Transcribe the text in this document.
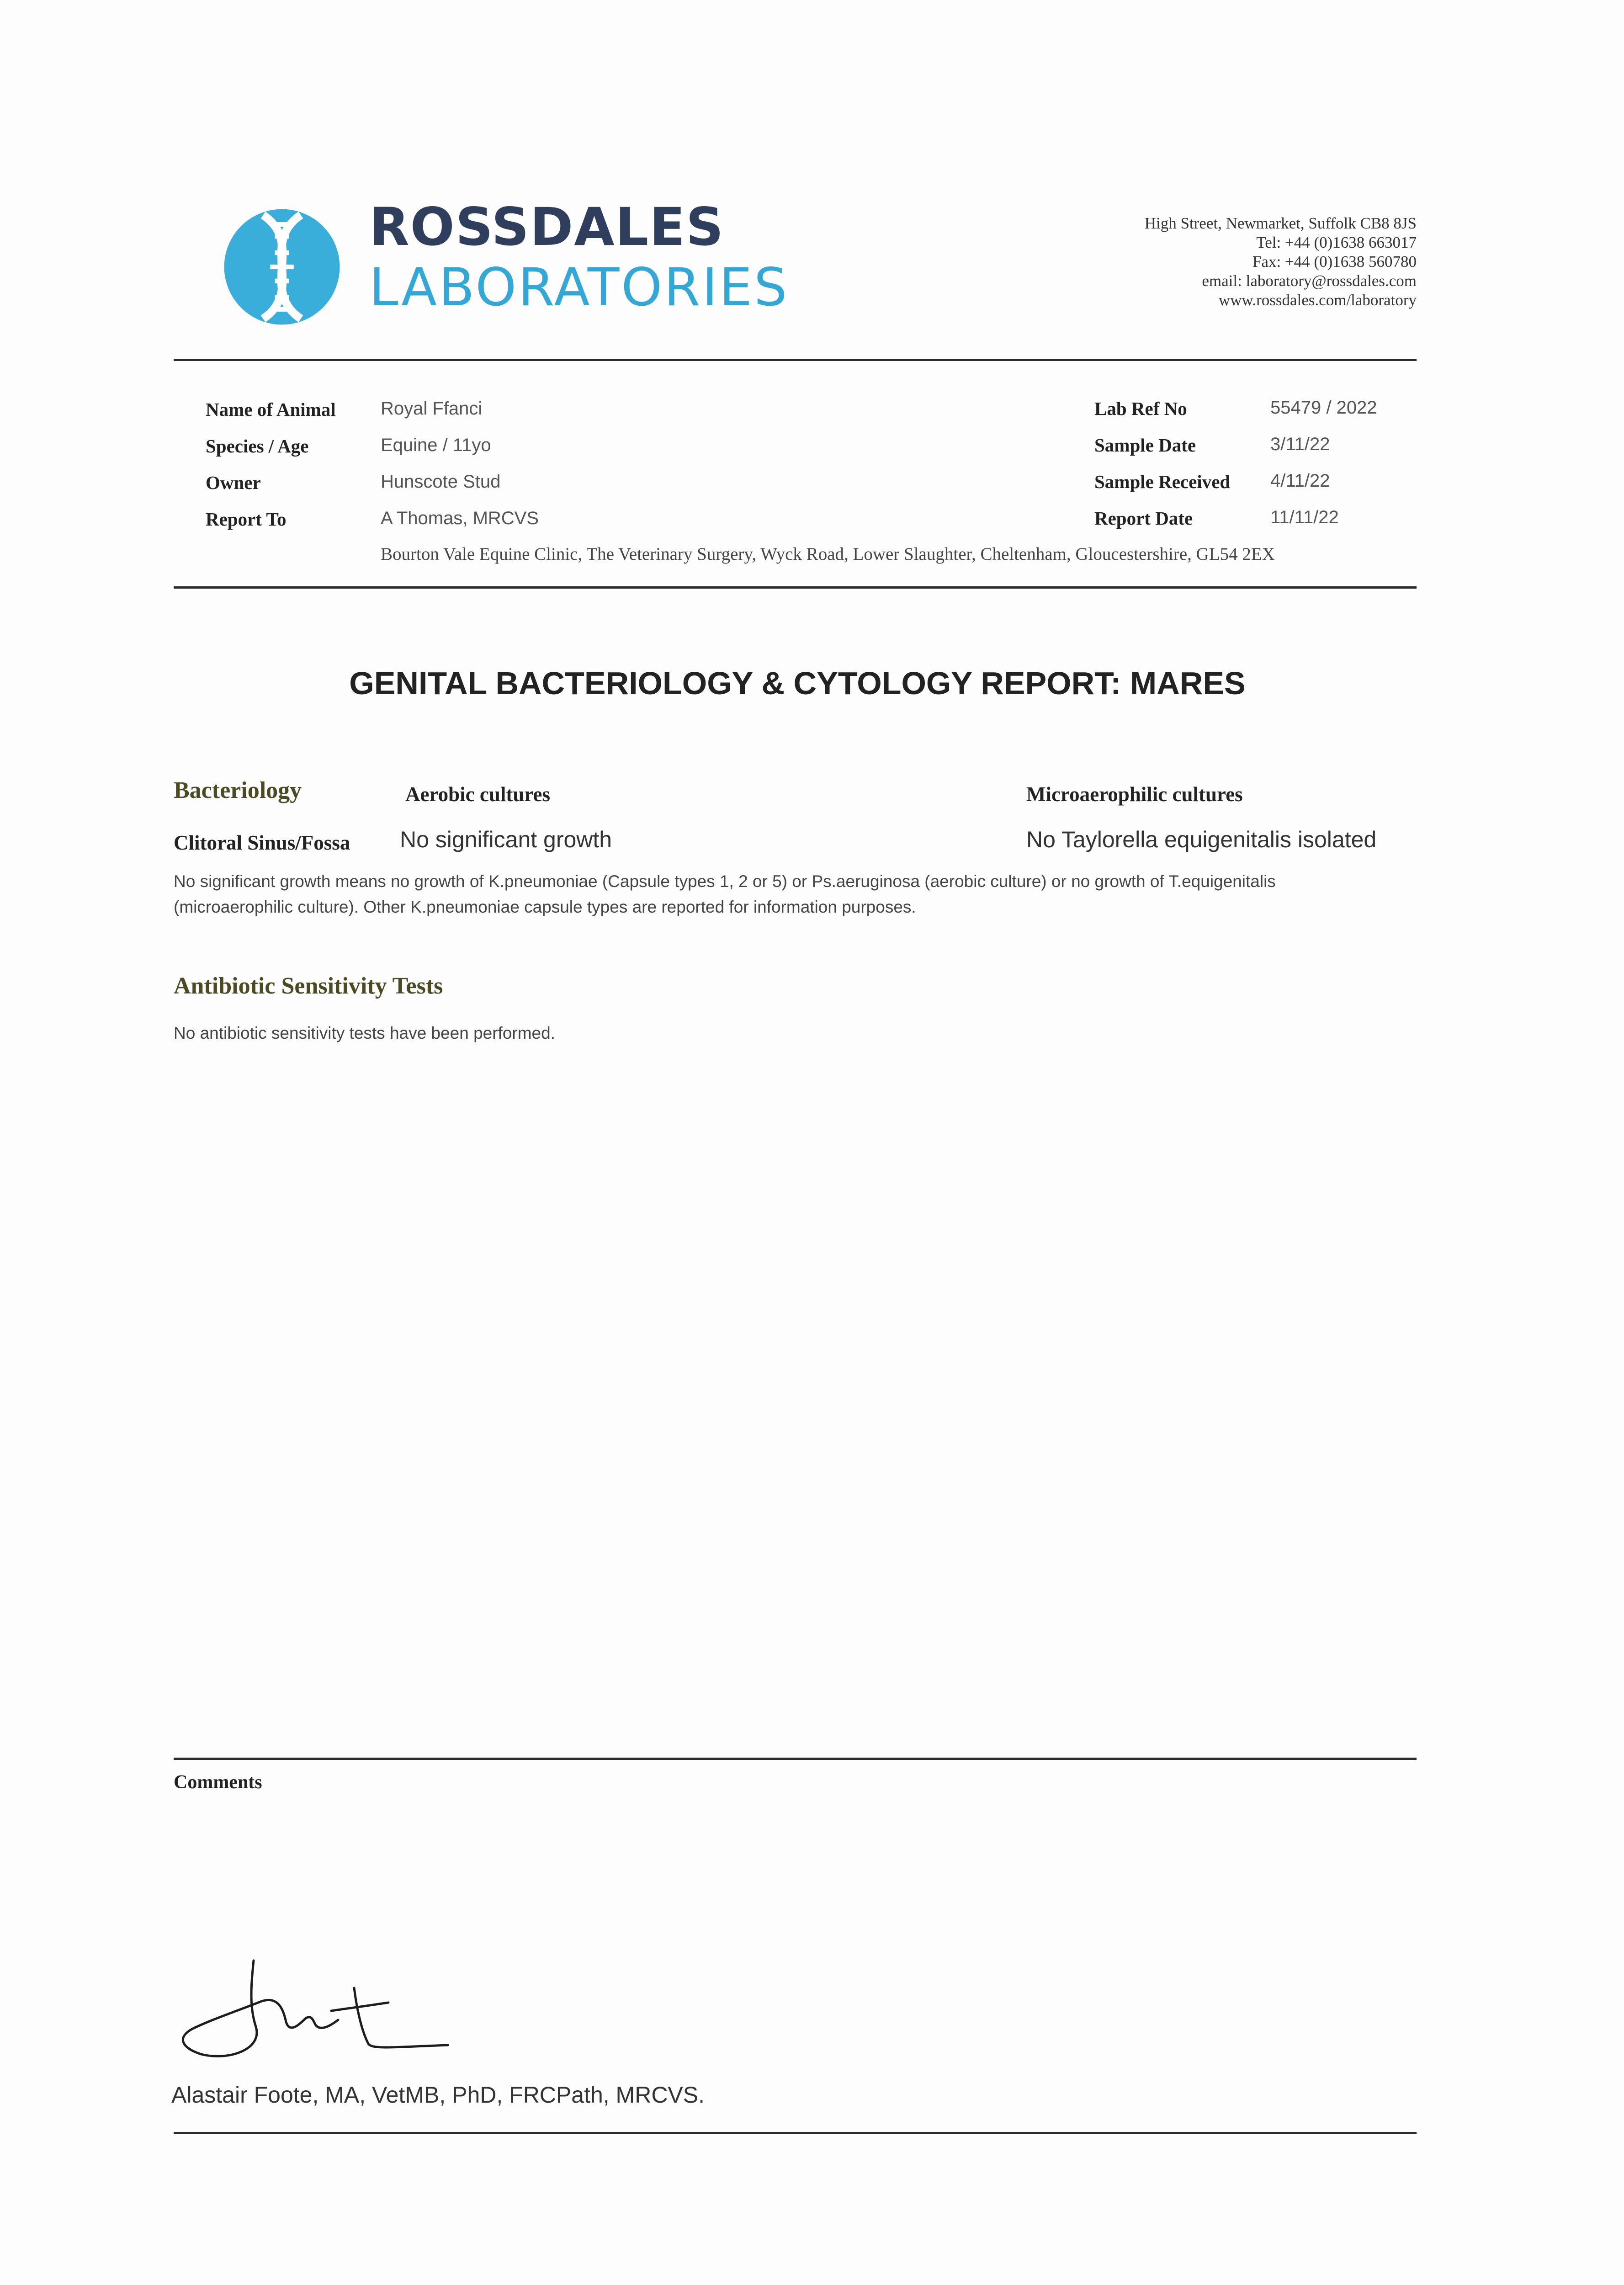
ROSSDALES
LABORATORIES
High Street, Newmarket, Suffolk CB8 8JS
Tel: +44 (0)1638 663017
Fax: +44 (0)1638 560780
email: laboratory@rossdales.com
www.rossdales.com/laboratory
Name of Animal Royal Ffanci
Species / Age	Equine / 11yo
Owner	Hunscote Stud
Report To	A Thomas, MRCVS
Bourton Vale Equine Clinic, The Veterinary Surgery, Wyck Road, Lower Slaughter, Cheltenham, Gloucestershire, GL54 2EX
Lab Ref No	55479 / 2022
Sample Date	3/11/22
Sample Received 4/11/22
Report Date	11/11/22
GENITAL BACTERIOLOGY & CYTOLOGY REPORT: MARES
Bacteriology	Aerobic cultures	Microaerophilic cultures
Clitoral Sinus/Fossa No significant growth	No Taylorella equigenitalis isolated
No significant growth means no growth of K.pneumoniae (Capsule types 1, 2 or 5) or Ps.aeruginosa (aerobic culture) or no growth of T.equigenitalis
(microaerophilic culture). Other K.pneumoniae capsule types are reported for information purposes.
Antibiotic Sensitivity Tests
No antibiotic sensitivity tests have been performed.
Comments
Alastair Foote, MA, VetMB, PhD, FRCPath, MRCVS.
